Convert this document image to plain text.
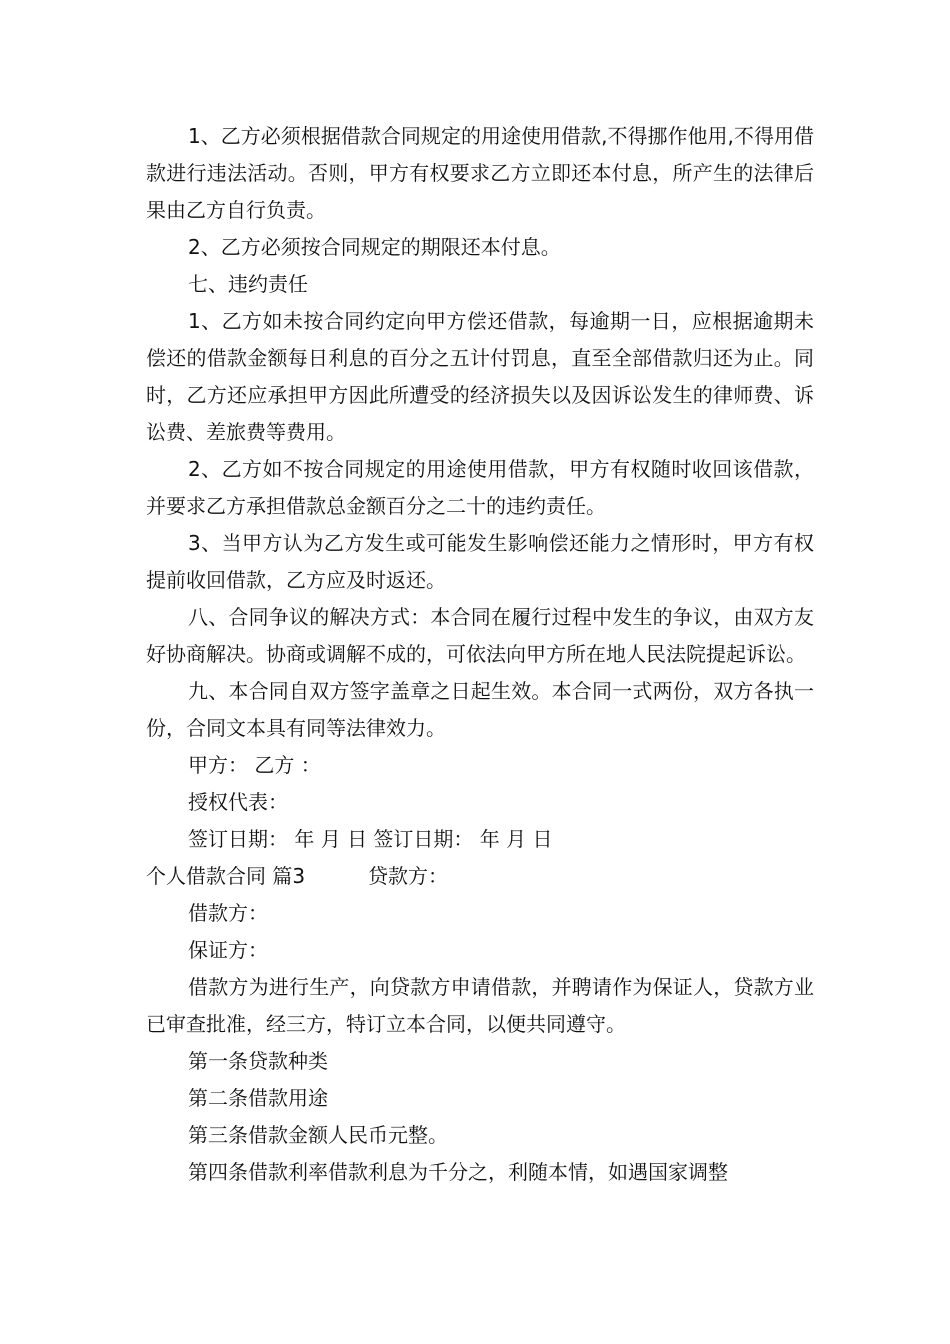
1、乙方必须根据借款合同规定的用途使用借款,不得挪作他用,不得用借款进行违法活动。否则，甲方有权要求乙方立即还本付息，所产生的法律后果由乙方自行负责。

2、乙方必须按合同规定的期限还本付息。

七、违约责任

1、乙方如未按合同约定向甲方偿还借款，每逾期一日，应根据逾期未偿还的借款金额每日利息的百分之五计付罚息，直至全部借款归还为止。同时，乙方还应承担甲方因此所遭受的经济损失以及因诉讼发生的律师费、诉讼费、差旅费等费用。

2、乙方如不按合同规定的用途使用借款，甲方有权随时收回该借款，并要求乙方承担借款总金额百分之二十的违约责任。

3、当甲方认为乙方发生或可能发生影响偿还能力之情形时，甲方有权提前收回借款，乙方应及时返还。

八、合同争议的解决方式：本合同在履行过程中发生的争议，由双方友好协商解决。协商或调解不成的，可依法向甲方所在地人民法院提起诉讼。

九、本合同自双方签字盖章之日起生效。本合同一式两份，双方各执一份，合同文本具有同等法律效力。

甲方： 乙方 ：

授权代表：

签订日期： 年 月 日 签订日期： 年 月 日

个人借款合同 篇3	贷款方：

借款方：

保证方：

借款方为进行生产，向贷款方申请借款，并聘请作为保证人，贷款方业已审查批准，经三方，特订立本合同，以便共同遵守。

第一条贷款种类

第二条借款用途

第三条借款金额人民币元整。

第四条借款利率借款利息为千分之，利随本情，如遇国家调整
